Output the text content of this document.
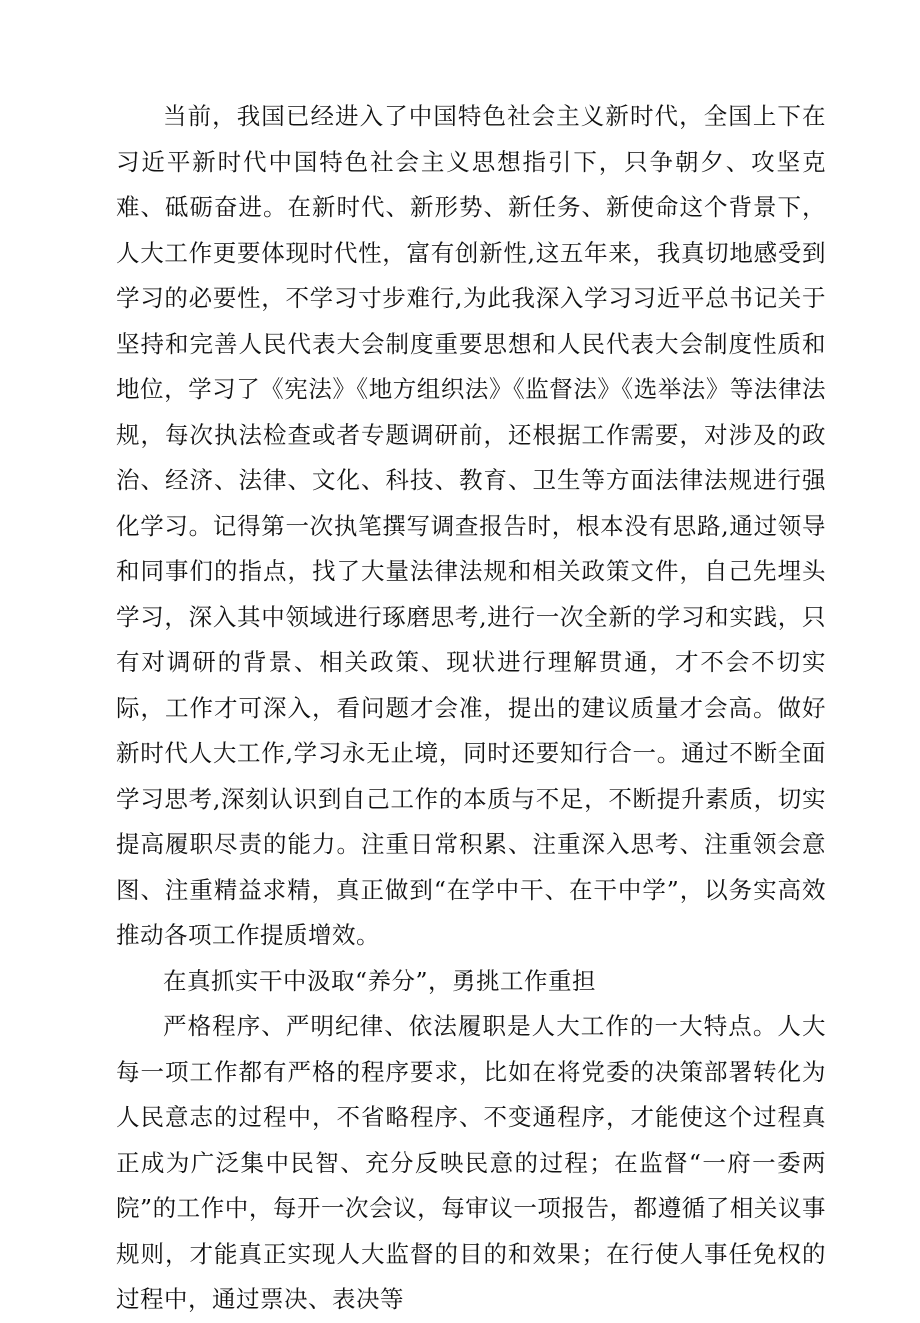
当前，我国已经进入了中国特色社会主义新时代，全国上下在习近平新时代中国特色社会主义思想指引下，只争朝夕、攻坚克难、砥砺奋进。在新时代、新形势、新任务、新使命这个背景下，人大工作更要体现时代性，富有创新性,这五年来，我真切地感受到学习的必要性，不学习寸步难行,为此我深入学习习近平总书记关于坚持和完善人民代表大会制度重要思想和人民代表大会制度性质和地位，学习了《宪法》《地方组织法》《监督法》《选举法》等法律法规，每次执法检查或者专题调研前，还根据工作需要，对涉及的政治、经济、法律、文化、科技、教育、卫生等方面法律法规进行强化学习。记得第一次执笔撰写调查报告时，根本没有思路,通过领导和同事们的指点，找了大量法律法规和相关政策文件，自己先埋头学习，深入其中领域进行琢磨思考,进行一次全新的学习和实践，只有对调研的背景、相关政策、现状进行理解贯通，才不会不切实际，工作才可深入，看问题才会准，提出的建议质量才会高。做好新时代人大工作,学习永无止境，同时还要知行合一。通过不断全面学习思考,深刻认识到自己工作的本质与不足，不断提升素质，切实提高履职尽责的能力。注重日常积累、注重深入思考、注重领会意图、注重精益求精，真正做到“在学中干、在干中学”，以务实高效推动各项工作提质增效。

在真抓实干中汲取“养分”，勇挑工作重担

严格程序、严明纪律、依法履职是人大工作的一大特点。人大每一项工作都有严格的程序要求，比如在将党委的决策部署转化为人民意志的过程中，不省略程序、不变通程序，才能使这个过程真正成为广泛集中民智、充分反映民意的过程；在监督“一府一委两院”的工作中，每开一次会议，每审议一项报告，都遵循了相关议事规则，才能真正实现人大监督的目的和效果；在行使人事任免权的过程中，通过票决、表决等
